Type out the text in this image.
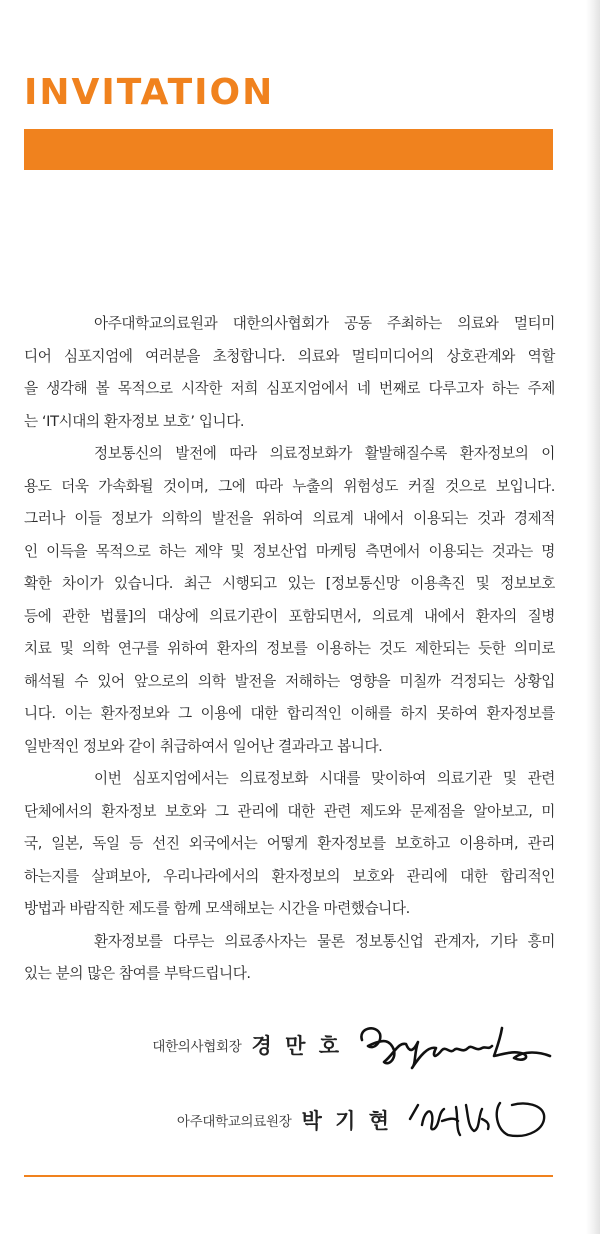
INVITATION
아주대학교의료원과 대한의사협회가 공동 주최하는 의료와 멀티미
디어 심포지엄에 여러분을 초청합니다. 의료와 멀티미디어의 상호관계와 역할
을 생각해 볼 목적으로 시작한 저희 심포지엄에서 네 번째로 다루고자 하는 주제
는 ‘IT시대의 환자정보 보호’ 입니다.
정보통신의 발전에 따라 의료정보화가 활발해질수록 환자정보의 이
용도 더욱 가속화될 것이며, 그에 따라 누출의 위험성도 커질 것으로 보입니다.
그러나 이들 정보가 의학의 발전을 위하여 의료계 내에서 이용되는 것과 경제적
인 이득을 목적으로 하는 제약 및 정보산업 마케팅 측면에서 이용되는 것과는 명
확한 차이가 있습니다. 최근 시행되고 있는 [정보통신망 이용촉진 및 정보보호
등에 관한 법률]의 대상에 의료기관이 포함되면서, 의료계 내에서 환자의 질병
치료 및 의학 연구를 위하여 환자의 정보를 이용하는 것도 제한되는 듯한 의미로
해석될 수 있어 앞으로의 의학 발전을 저해하는 영향을 미칠까 걱정되는 상황입
니다. 이는 환자정보와 그 이용에 대한 합리적인 이해를 하지 못하여 환자정보를
일반적인 정보와 같이 취급하여서 일어난 결과라고 봅니다.
이번 심포지엄에서는 의료정보화 시대를 맞이하여 의료기관 및 관련
단체에서의 환자정보 보호와 그 관리에 대한 관련 제도와 문제점을 알아보고, 미
국, 일본, 독일 등 선진 외국에서는 어떻게 환자정보를 보호하고 이용하며, 관리
하는지를 살펴보아, 우리나라에서의 환자정보의 보호와 관리에 대한 합리적인
방법과 바람직한 제도를 함께 모색해보는 시간을 마련했습니다.
환자정보를 다루는 의료종사자는 물론 정보통신업 관계자, 기타 흥미
있는 분의 많은 참여를 부탁드립니다.
대한의사협회장 경 만 호
아주대학교의료원장 박 기 현
